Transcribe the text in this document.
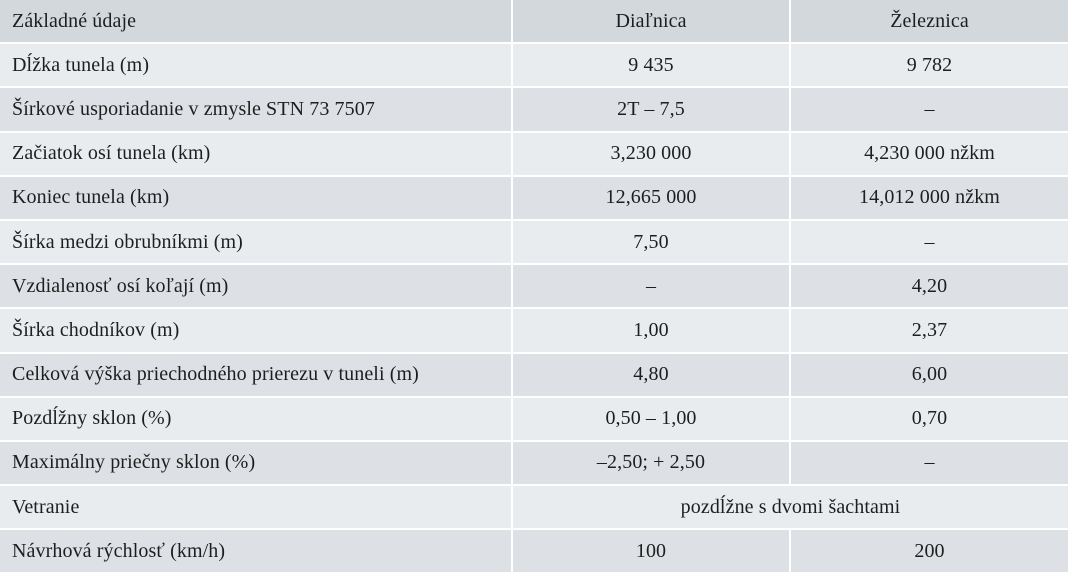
Základné údaje	Diaľnica	Železnica
Dĺžka tunela (m)	9 435	9 782
Šírkové usporiadanie v zmysle STN 73 7507	2T – 7,5	–
Začiatok osí tunela (km)	3,230 000	4,230 000 nžkm
Koniec tunela (km)	12,665 000	14,012 000 nžkm
Šírka medzi obrubníkmi (m)	7,50	–
Vzdialenosť osí koľají (m)	–	4,20
Šírka chodníkov (m)	1,00	2,37
Celková výška priechodného prierezu v tuneli (m)	4,80	6,00
Pozdĺžny sklon (%)	0,50 – 1,00	0,70
Maximálny priečny sklon (%)	–2,50; + 2,50	–
Vetranie	pozdĺžne s dvomi šachtami	
Návrhová rýchlosť (km/h)	100	200
